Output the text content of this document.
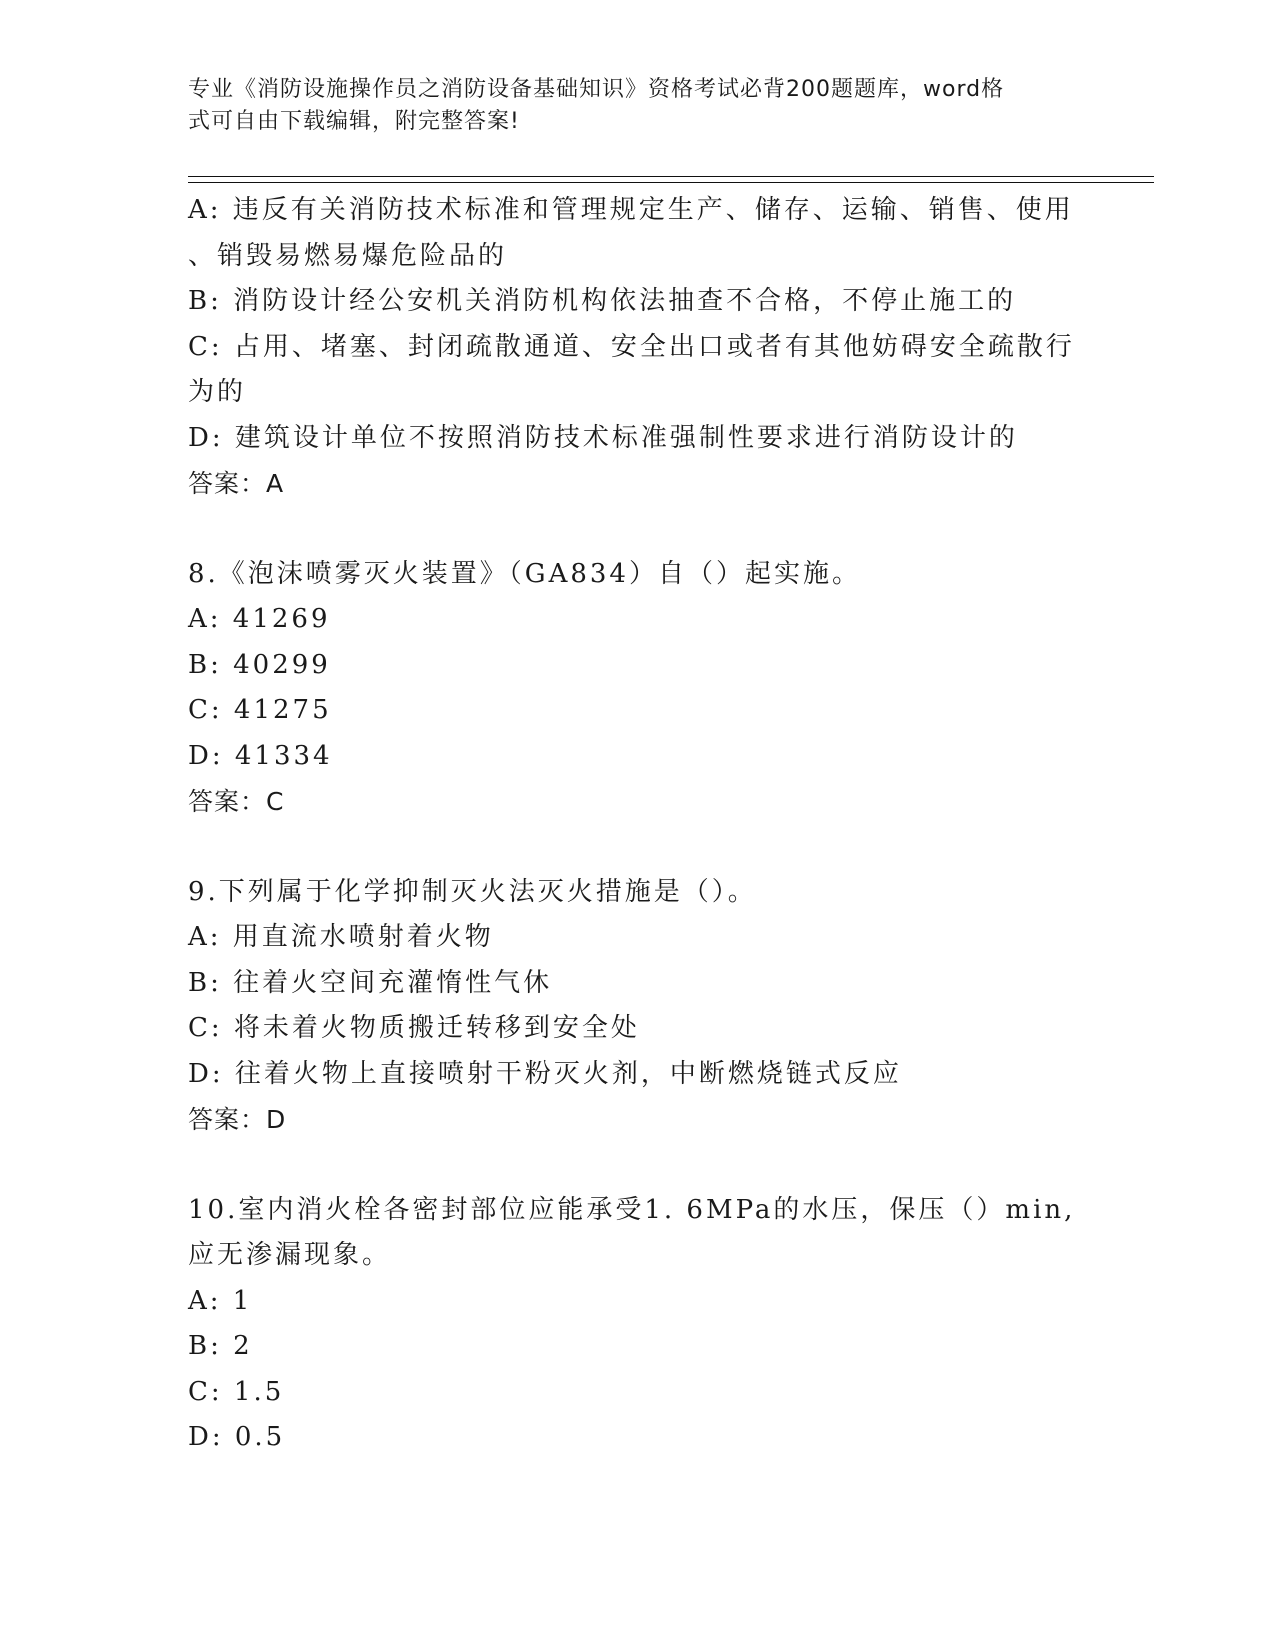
专业《消防设施操作员之消防设备基础知识》资格考试必背200题题库，word格
式可自由下载编辑，附完整答案!

A: 违反有关消防技术标准和管理规定生产、储存、运输、销售、使用

、销毁易燃易爆危险品的

B: 消防设计经公安机关消防机构依法抽查不合格，不停止施工的

C: 占用、堵塞、封闭疏散通道、安全出口或者有其他妨碍安全疏散行

为的

D: 建筑设计单位不按照消防技术标准强制性要求进行消防设计的

答案：A

8.《泡沫喷雾灭火装置》（GA834）自（）起实施。

A: 41269

B: 40299

C: 41275

D: 41334

答案：C

9.下列属于化学抑制灭火法灭火措施是（）。

A: 用直流水喷射着火物

B: 往着火空间充灌惰性气休

C: 将未着火物质搬迁转移到安全处

D: 往着火物上直接喷射干粉灭火剂，中断燃烧链式反应

答案：D

10.室内消火栓各密封部位应能承受1. 6MPa的水压，保压（）min,

应无渗漏现象。

A: 1

B: 2

C: 1.5

D: 0.5
